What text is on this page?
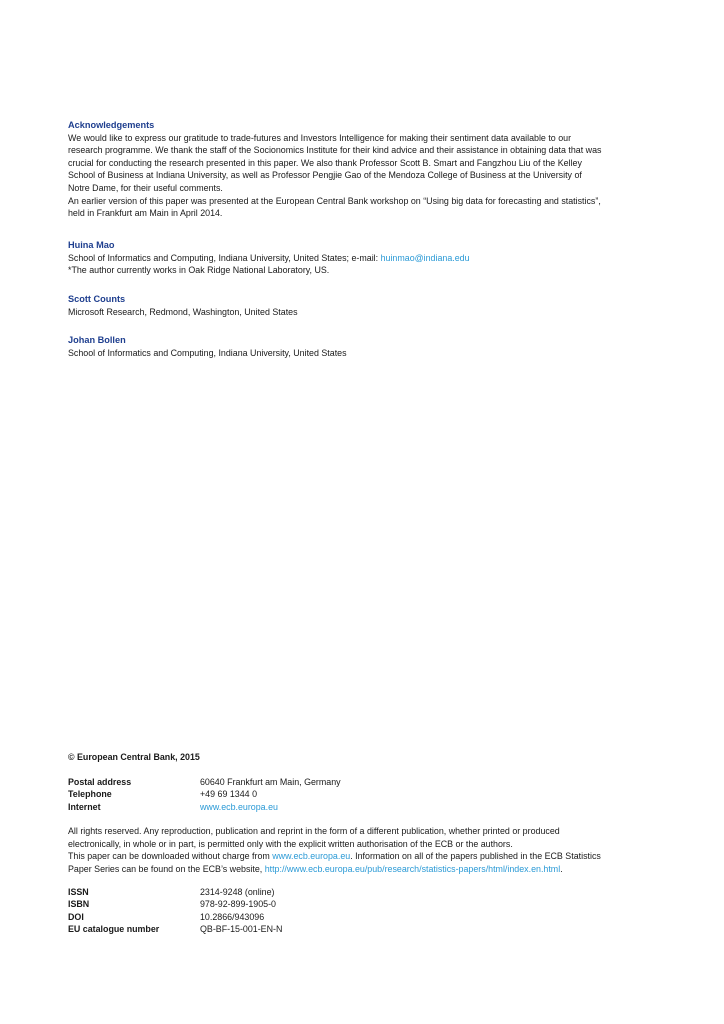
Acknowledgements

We would like to express our gratitude to trade-futures and Investors Intelligence for making their sentiment data available to our

research programme. We thank the staff of the Socionomics Institute for their kind advice and their assistance in obtaining data that was

crucial for conducting the research presented in this paper. We also thank Professor Scott B. Smart and Fangzhou Liu of the Kelley

School of Business at Indiana University, as well as Professor Pengjie Gao of the Mendoza College of Business at the University of

Notre Dame, for their useful comments.

An earlier version of this paper was presented at the European Central Bank workshop on “Using big data for forecasting and statistics”,

held in Frankfurt am Main in April 2014.

Huina Mao

School of Informatics and Computing, Indiana University, United States; e-mail: huinmao@indiana.edu

*The author currently works in Oak Ridge National Laboratory, US.

Scott Counts

Microsoft Research, Redmond, Washington, United States

Johan Bollen

School of Informatics and Computing, Indiana University, United States

© European Central Bank, 2015

Postal address	60640 Frankfurt am Main, Germany
Telephone	+49 69 1344 0
Internet	www.ecb.europa.eu

All rights reserved. Any reproduction, publication and reprint in the form of a different publication, whether printed or produced

electronically, in whole or in part, is permitted only with the explicit written authorisation of the ECB or the authors.

This paper can be downloaded without charge from www.ecb.europa.eu. Information on all of the papers published in the ECB Statistics

Paper Series can be found on the ECB’s website, http://www.ecb.europa.eu/pub/research/statistics-papers/html/index.en.html.

ISSN	2314-9248 (online)
ISBN	978-92-899-1905-0
DOI	10.2866/943096
EU catalogue number	QB-BF-15-001-EN-N
